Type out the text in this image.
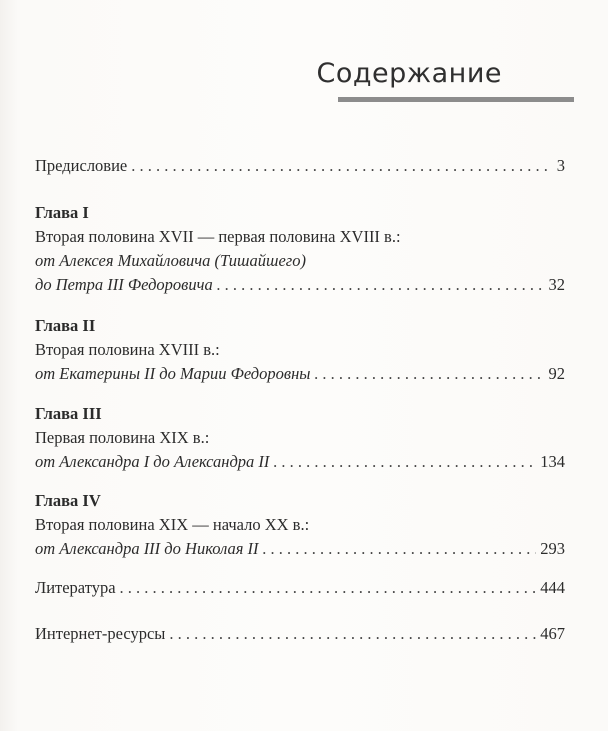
Содержание
Предисловие . . .	3
Глава I
Вторая половина XVII — первая половина XVIII в.:
от Алексея Михайловича (Тишайшего)
до Петра III Федоровича . . .	32
Глава II
Вторая половина XVIII в.:
от Екатерины II до Марии Федоровны . . .	92
Глава III
Первая половина XIX в.:
от Александра I до Александра II . . .	134
Глава IV
Вторая половина XIX — начало XX в.:
от Александра III до Николая II . . .	293
Литература . . .	444
Интернет-ресурсы . . .	467
